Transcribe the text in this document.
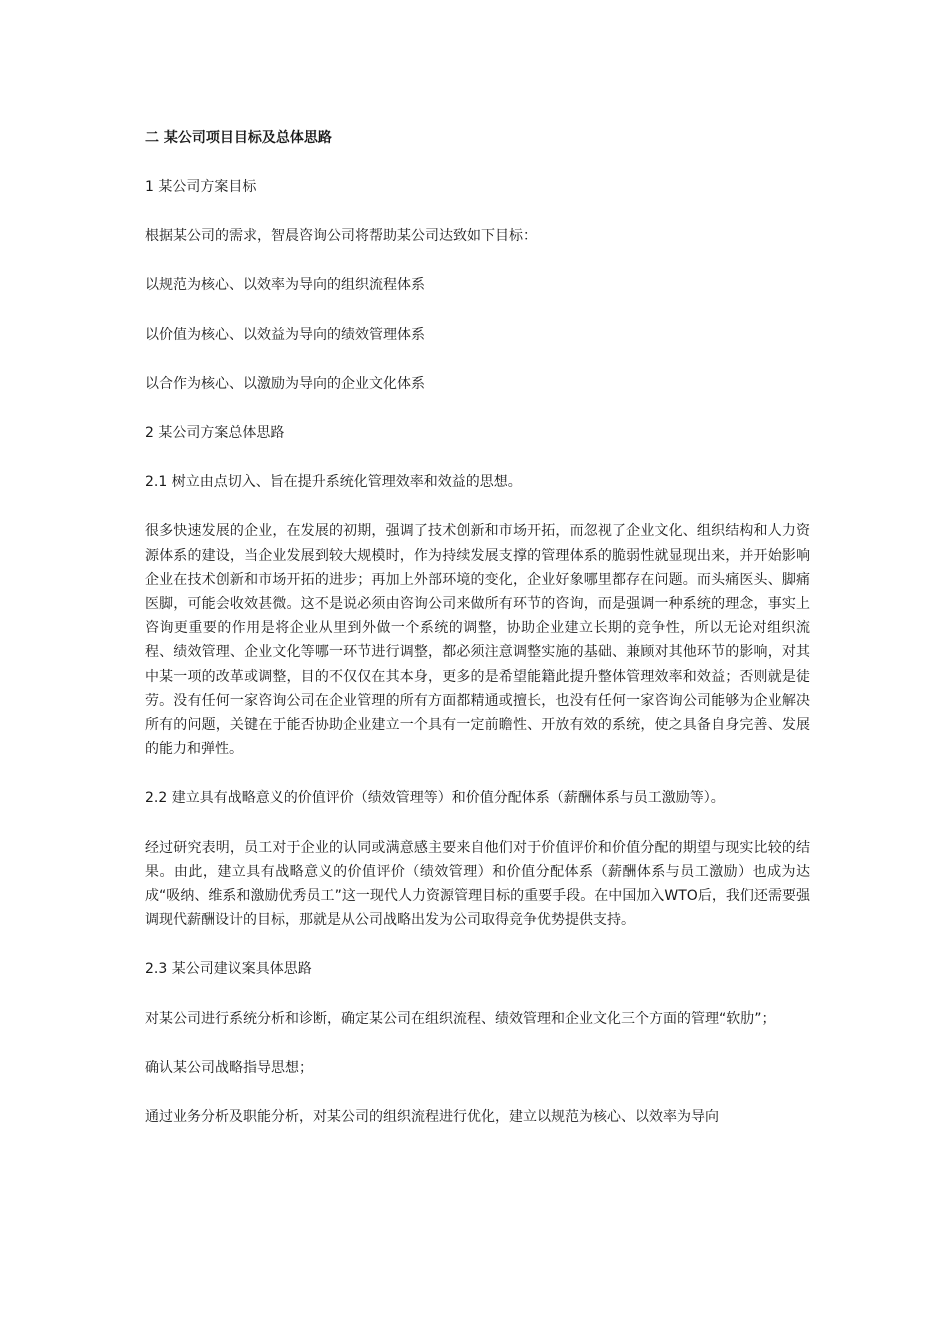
二 某公司项目目标及总体思路

1 某公司方案目标

根据某公司的需求，智晨咨询公司将帮助某公司达致如下目标：

以规范为核心、以效率为导向的组织流程体系

以价值为核心、以效益为导向的绩效管理体系

以合作为核心、以激励为导向的企业文化体系

2 某公司方案总体思路

2.1 树立由点切入、旨在提升系统化管理效率和效益的思想。

很多快速发展的企业，在发展的初期，强调了技术创新和市场开拓，而忽视了企业文化、组织结构和人力资源体系的建设，当企业发展到较大规模时，作为持续发展支撑的管理体系的脆弱性就显现出来，并开始影响企业在技术创新和市场开拓的进步；再加上外部环境的变化，企业好象哪里都存在问题。而头痛医头、脚痛医脚，可能会收效甚微。这不是说必须由咨询公司来做所有环节的咨询，而是强调一种系统的理念，事实上咨询更重要的作用是将企业从里到外做一个系统的调整，协助企业建立长期的竞争性，所以无论对组织流程、绩效管理、企业文化等哪一环节进行调整，都必须注意调整实施的基础、兼顾对其他环节的影响，对其中某一项的改革或调整，目的不仅仅在其本身，更多的是希望能籍此提升整体管理效率和效益；否则就是徒劳。没有任何一家咨询公司在企业管理的所有方面都精通或擅长，也没有任何一家咨询公司能够为企业解决所有的问题，关键在于能否协助企业建立一个具有一定前瞻性、开放有效的系统，使之具备自身完善、发展的能力和弹性。

2.2 建立具有战略意义的价值评价（绩效管理等）和价值分配体系（薪酬体系与员工激励等）。

经过研究表明，员工对于企业的认同或满意感主要来自他们对于价值评价和价值分配的期望与现实比较的结果。由此，建立具有战略意义的价值评价（绩效管理）和价值分配体系（薪酬体系与员工激励）也成为达成“吸纳、维系和激励优秀员工”这一现代人力资源管理目标的重要手段。在中国加入WTO后，我们还需要强调现代薪酬设计的目标，那就是从公司战略出发为公司取得竞争优势提供支持。

2.3 某公司建议案具体思路

对某公司进行系统分析和诊断，确定某公司在组织流程、绩效管理和企业文化三个方面的管理“软肋”；

确认某公司战略指导思想；

通过业务分析及职能分析，对某公司的组织流程进行优化，建立以规范为核心、以效率为导向
